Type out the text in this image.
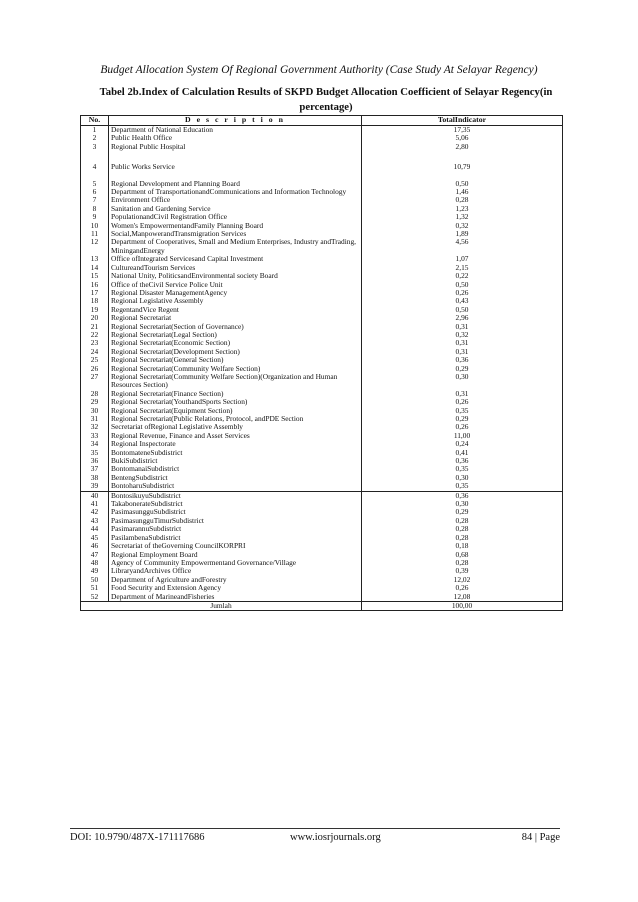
Budget Allocation System Of Regional Government Authority (Case Study At Selayar Regency)
Tabel 2b.Index of Calculation Results of SKPD Budget Allocation Coefficient of Selayar Regency(in percentage)
No.	D e s c r i p t i o n	TotalIndicator
1	Department of National Education	17,35
2	Public Health Office	5,06
3	Regional Public Hospital	2,80
4	Public Works Service	10,79
5	Regional Development and Planning Board	0,50
6	Department of TransportationandCommunications and Information Technology	1,46
7	Environment Office	0,28
8	Sanitation and Gardening Service	1,23
9	PopulationandCivil Registration Office	1,32
10	Women's EmpowermentandFamily Planning Board	0,32
11	Social,ManpowerandTransmigration Services	1,89
12	Department of Cooperatives, Small and Medium Enterprises, Industry andTrading, MiningandEnergy	4,56
13	Office ofIntegrated Servicesand Capital Investment	1,07
14	CultureandTourism Services	2,15
15	National Unity, PoliticsandEnvironmental society Board	0,22
16	Office of theCivil Service Police Unit	0,50
17	Regional Disaster ManagementAgency	0,26
18	Regional Legislative Assembly	0,43
19	RegentandVice Regent	0,50
20	Regional Secretariat	2,96
21	Regional Secretariat(Section of Governance)	0,31
22	Regional Secretariat(Legal Section)	0,32
23	Regional Secretariat(Economic Section)	0,31
24	Regional Secretariat(Development Section)	0,31
25	Regional Secretariat(General Section)	0,36
26	Regional Secretariat(Community Welfare Section)	0,29
27	Regional Secretariat(Community Welfare Section)(Organization and Human Resources Section)	0,30
28	Regional Secretariat(Finance Section)	0,31
29	Regional Secretariat(YouthandSports Section)	0,26
30	Regional Secretariat(Equipment Section)	0,35
31	Regional Secretariat(Public Relations, Protocol, andPDE Section	0,29
32	Secretariat ofRegional Legislative Assembly	0,26
33	Regional Revenue, Finance and Asset Services	11,00
34	Regional Inspectorate	0,24
35	BontomateneSubdistrict	0,41
36	BukiSubdistrict	0,36
37	BontomanaiSubdistrict	0,35
38	BentengSubdistrict	0,30
39	BontoharuSubdistrict	0,35
40	BontosikuyuSubdistrict	0,36
41	TakabonerateSubdistrict	0,30
42	PasimasungguSubdistrict	0,29
43	PasimasungguTimurSubdistrict	0,28
44	PasimarannuSubdistrict	0,28
45	PasilambenaSubdistrict	0,28
46	Secretariat of theGoverning CouncilKORPRI	0,18
47	Regional Employment Board	0,68
48	Agency of Community Empowermentand Governance/Village	0,28
49	LibraryandArchives Office	0,39
50	Department of Agriculture andForestry	12,02
51	Food Security and Extension Agency	0,26
52	Department of MarineandFisheries	12,08
Jumlah		100,00
DOI: 10.9790/487X-171117686	www.iosrjournals.org	84 | Page
